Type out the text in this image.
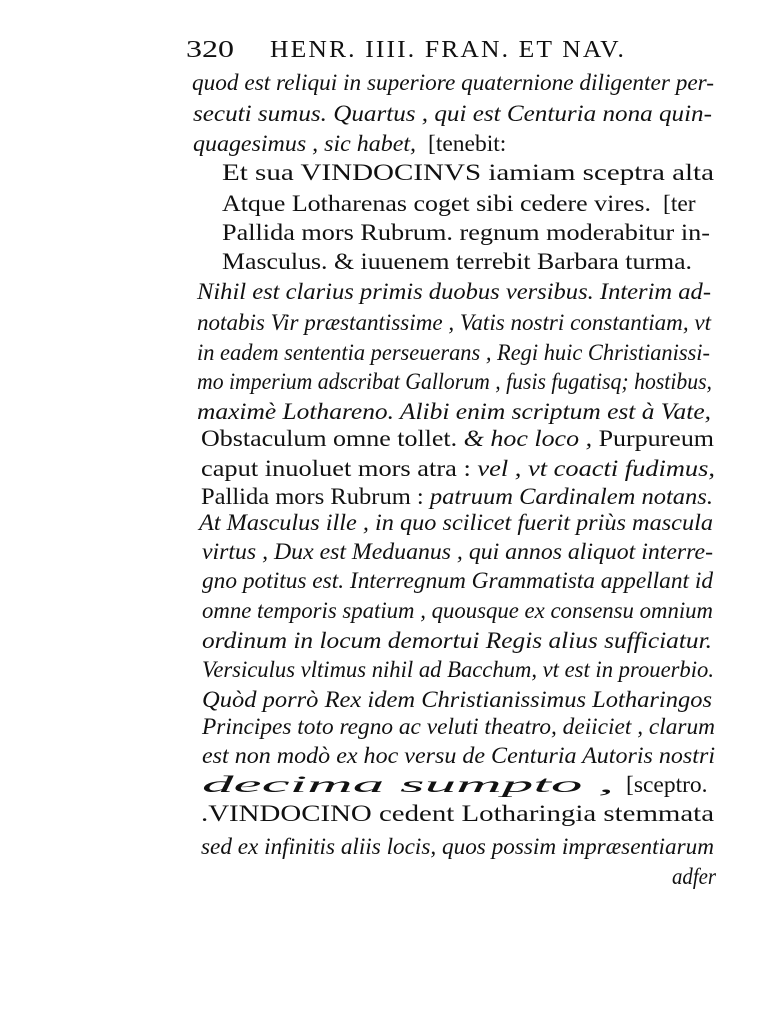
320 HENR. IIII. FRAN. ET NAV.
quod est reliqui in superiore quaternione diligenter per-
secuti sumus. Quartus , qui est Centuria nona quin-
quagesimus , sic habet, [tenebit:
Et sua VINDOCINVS iamiam sceptra alta
Atque Lotharenas coget sibi cedere vires. [ter
Pallida mors Rubrum. regnum moderabitur in-
Masculus. & iuuenem terrebit Barbara turma.
Nihil est clarius primis duobus versibus. Interim ad-
notabis Vir præstantissime , Vatis nostri constantiam, vt
in eadem sententia perseuerans , Regi huic Christianissi-
mo imperium adscribat Gallorum , fusis fugatisq; hostibus,
maximè Lothareno. Alibi enim scriptum est à Vate,
Obstaculum omne tollet. & hoc loco , Purpureum
caput inuoluet mors atra : vel , vt coacti fudimus,
Pallida mors Rubrum : patruum Cardinalem notans.
At Masculus ille , in quo scilicet fuerit priùs mascula
virtus , Dux est Meduanus , qui annos aliquot interre-
gno potitus est. Interregnum Grammatista appellant id
omne temporis spatium , quousque ex consensu omnium
ordinum in locum demortui Regis alius sufficiatur.
Versiculus vltimus nihil ad Bacchum, vt est in prouerbio.
Quòd porrò Rex idem Christianissimus Lotharingos
Principes toto regno ac veluti theatro, deiiciet , clarum
est non modò ex hoc versu de Centuria Autoris nostri
decima sumpto , [sceptro.
.VINDOCINO cedent Lotharingia stemmata
sed ex infinitis aliis locis, quos possim impræsentiarum
adfer
